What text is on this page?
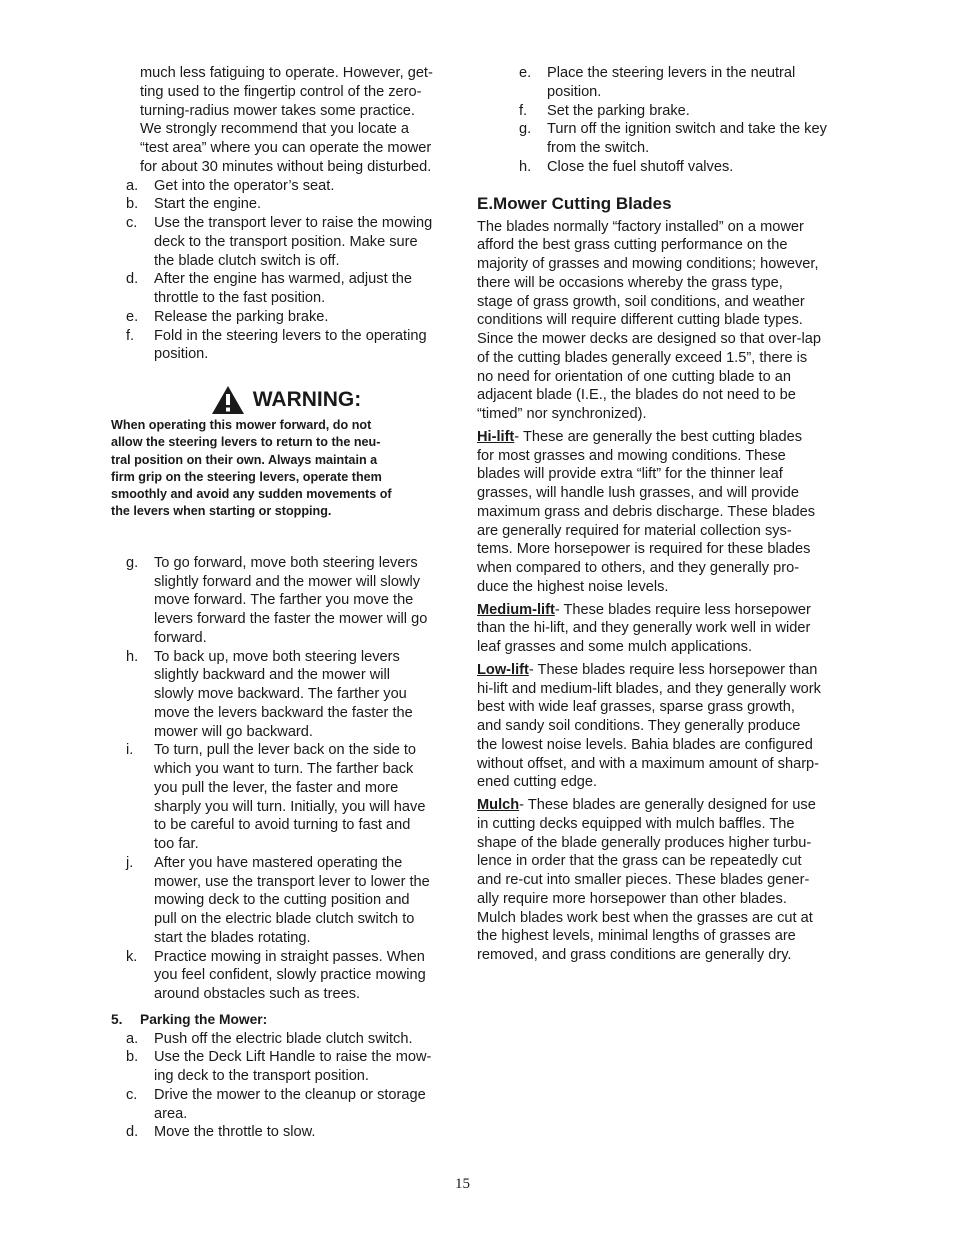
much less fatiguing to operate. However, get-
ting used to the fingertip control of the zero-
turning-radius mower takes some practice.
We strongly recommend that you locate a
“test area” where you can operate the mower
for about 30 minutes without being disturbed.
a.	Get into the operator’s seat.
b.	Start the engine.
c.	Use the transport lever to raise the mowing
deck to the transport position. Make sure
the blade clutch switch is off.
d.	After the engine has warmed, adjust the
throttle to the fast position.
e.	Release the parking brake.
f.	Fold in the steering levers to the operating
position.
WARNING:
When operating this mower forward, do not
allow the steering levers to return to the neu-
tral position on their own. Always maintain a
firm grip on the steering levers, operate them
smoothly and avoid any sudden movements of
the levers when starting or stopping.
g.	To go forward, move both steering levers
slightly forward and the mower will slowly
move forward. The farther you move the
levers forward the faster the mower will go
forward.
h.	To back up, move both steering levers
slightly backward and the mower will
slowly move backward. The farther you
move the levers backward the faster the
mower will go backward.
i.	To turn, pull the lever back on the side to
which you want to turn. The farther back
you pull the lever, the faster and more
sharply you will turn. Initially, you will have
to be careful to avoid turning to fast and
too far.
j.	After you have mastered operating the
mower, use the transport lever to lower the
mowing deck to the cutting position and
pull on the electric blade clutch switch to
start the blades rotating.
k.	Practice mowing in straight passes. When
you feel confident, slowly practice mowing
around obstacles such as trees.
5.	Parking the Mower:
a.	Push off the electric blade clutch switch.
b.	Use the Deck Lift Handle to raise the mow-
ing deck to the transport position.
c.	Drive the mower to the cleanup or storage
area.
d.	Move the throttle to slow.
e.	Place the steering levers in the neutral
position.
f.	Set the parking brake.
g.	Turn off the ignition switch and take the key
from the switch.
h.	Close the fuel shutoff valves.
E.Mower Cutting Blades
The blades normally “factory installed” on a mower
afford the best grass cutting performance on the
majority of grasses and mowing conditions; however,
there will be occasions whereby the grass type,
stage of grass growth, soil conditions, and weather
conditions will require different cutting blade types.
Since the mower decks are designed so that over-lap
of the cutting blades generally exceed 1.5”, there is
no need for orientation of one cutting blade to an
adjacent blade (I.E., the blades do not need to be
“timed” nor synchronized).
Hi-lift- These are generally the best cutting blades
for most grasses and mowing conditions. These
blades will provide extra “lift” for the thinner leaf
grasses, will handle lush grasses, and will provide
maximum grass and debris discharge. These blades
are generally required for material collection sys-
tems. More horsepower is required for these blades
when compared to others, and they generally pro-
duce the highest noise levels.
Medium-lift- These blades require less horsepower
than the hi-lift, and they generally work well in wider
leaf grasses and some mulch applications.
Low-lift- These blades require less horsepower than
hi-lift and medium-lift blades, and they generally work
best with wide leaf grasses, sparse grass growth,
and sandy soil conditions. They generally produce
the lowest noise levels. Bahia blades are configured
without offset, and with a maximum amount of sharp-
ened cutting edge.
Mulch- These blades are generally designed for use
in cutting decks equipped with mulch baffles. The
shape of the blade generally produces higher turbu-
lence in order that the grass can be repeatedly cut
and re-cut into smaller pieces. These blades gener-
ally require more horsepower than other blades.
Mulch blades work best when the grasses are cut at
the highest levels, minimal lengths of grasses are
removed, and grass conditions are generally dry.
15
